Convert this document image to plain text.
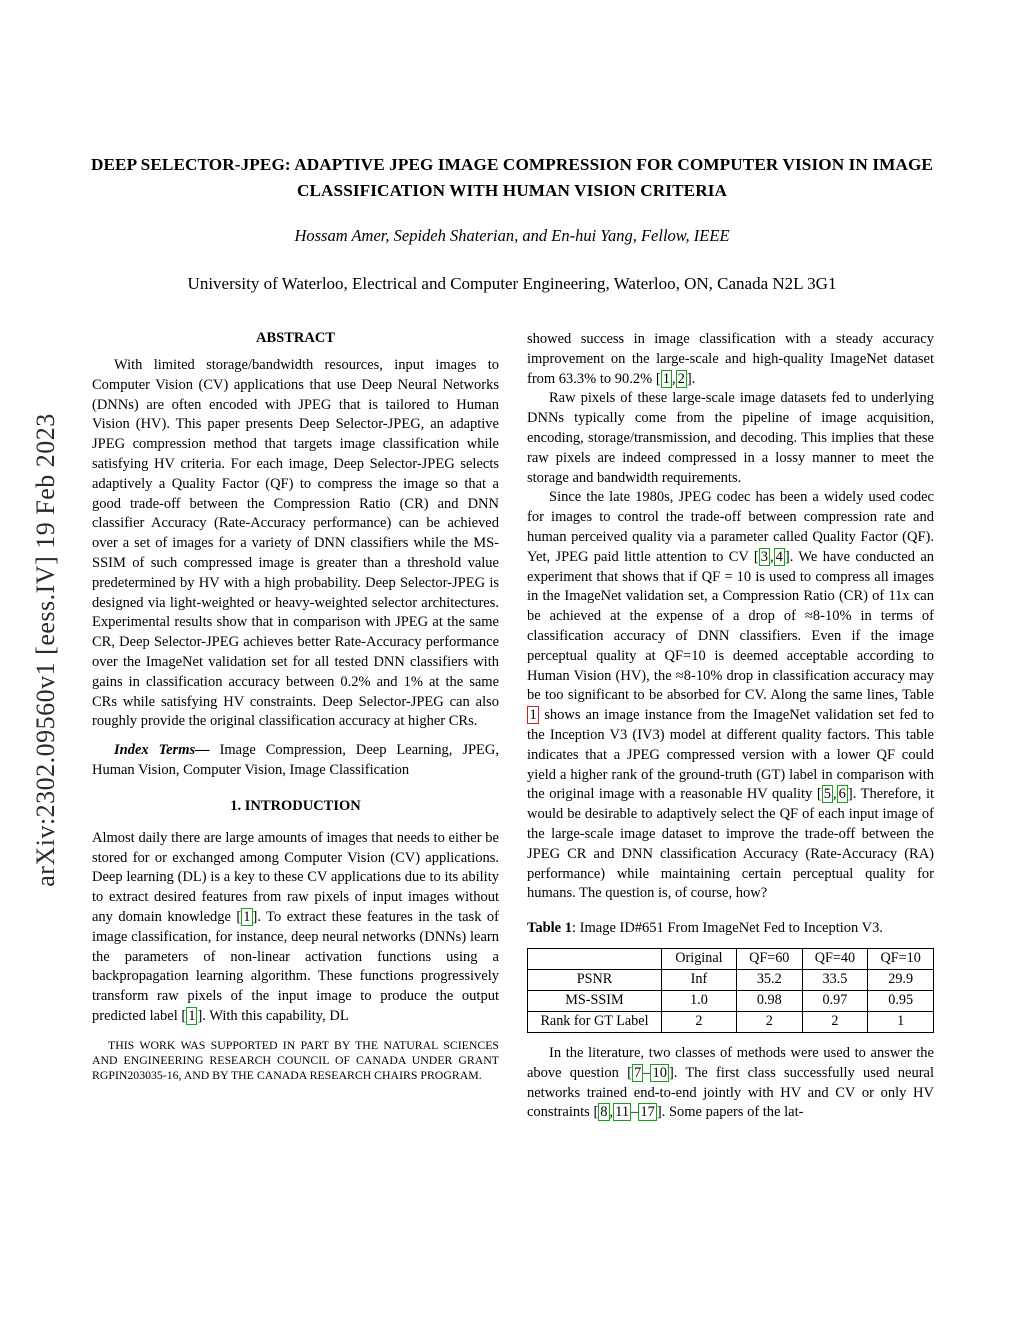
arXiv:2302.09560v1 [eess.IV] 19 Feb 2023
DEEP SELECTOR-JPEG: ADAPTIVE JPEG IMAGE COMPRESSION FOR COMPUTER VISION IN IMAGE CLASSIFICATION WITH HUMAN VISION CRITERIA
Hossam Amer, Sepideh Shaterian, and En-hui Yang, Fellow, IEEE
University of Waterloo, Electrical and Computer Engineering, Waterloo, ON, Canada N2L 3G1
ABSTRACT

With limited storage/bandwidth resources, input images to Computer Vision (CV) applications that use Deep Neural Networks (DNNs) are often encoded with JPEG that is tailored to Human Vision (HV). This paper presents Deep Selector-JPEG, an adaptive JPEG compression method that targets image classification while satisfying HV criteria. For each image, Deep Selector-JPEG selects adaptively a Quality Factor (QF) to compress the image so that a good trade-off between the Compression Ratio (CR) and DNN classifier Accuracy (Rate-Accuracy performance) can be achieved over a set of images for a variety of DNN classifiers while the MS-SSIM of such compressed image is greater than a threshold value predetermined by HV with a high probability. Deep Selector-JPEG is designed via light-weighted or heavy-weighted selector architectures. Experimental results show that in comparison with JPEG at the same CR, Deep Selector-JPEG achieves better Rate-Accuracy performance over the ImageNet validation set for all tested DNN classifiers with gains in classification accuracy between 0.2% and 1% at the same CRs while satisfying HV constraints. Deep Selector-JPEG can also roughly provide the original classification accuracy at higher CRs.

Index Terms— Image Compression, Deep Learning, JPEG, Human Vision, Computer Vision, Image Classification

1. INTRODUCTION

Almost daily there are large amounts of images that needs to either be stored for or exchanged among Computer Vision (CV) applications. Deep learning (DL) is a key to these CV applications due to its ability to extract desired features from raw pixels of input images without any domain knowledge [ 1 ]. To extract these features in the task of image classification, for instance, deep neural networks (DNNs) learn the parameters of non-linear activation functions using a backpropagation learning algorithm. These functions progressively transform raw pixels of the input image to produce the output predicted label [ 1 ]. With this capability, DL

THIS WORK WAS SUPPORTED IN PART BY THE NATURAL SCIENCES AND ENGINEERING RESEARCH COUNCIL OF CANADA UNDER GRANT RGPIN203035-16, AND BY THE CANADA RESEARCH CHAIRS PROGRAM.

showed success in image classification with a steady accuracy improvement on the large-scale and high-quality ImageNet dataset from 63.3% to 90.2% [ 1 , 2 ].

Raw pixels of these large-scale image datasets fed to underlying DNNs typically come from the pipeline of image acquisition, encoding, storage/transmission, and decoding. This implies that these raw pixels are indeed compressed in a lossy manner to meet the storage and bandwidth requirements.

Since the late 1980s, JPEG codec has been a widely used codec for images to control the trade-off between compression rate and human perceived quality via a parameter called Quality Factor (QF). Yet, JPEG paid little attention to CV [ 3 , 4 ]. We have conducted an experiment that shows that if QF = 10 is used to compress all images in the ImageNet validation set, a Compression Ratio (CR) of 11x can be achieved at the expense of a drop of ≈8-10% in terms of classification accuracy of DNN classifiers. Even if the image perceptual quality at QF=10 is deemed acceptable according to Human Vision (HV), the ≈8-10% drop in classification accuracy may be too significant to be absorbed for CV. Along the same lines, Table 1 shows an image instance from the ImageNet validation set fed to the Inception V3 (IV3) model at different quality factors. This table indicates that a JPEG compressed version with a lower QF could yield a higher rank of the ground-truth (GT) label in comparison with the original image with a reasonable HV quality [ 5 , 6 ]. Therefore, it would be desirable to adaptively select the QF of each input image of the large-scale image dataset to improve the trade-off between the JPEG CR and DNN classification Accuracy (Rate-Accuracy (RA) performance) while maintaining certain perceptual quality for humans. The question is, of course, how?

Table 1: Image ID#651 From ImageNet Fed to Inception V3.
	Original	QF=60	QF=40	QF=10
PSNR	Inf	35.2	33.5	29.9
MS-SSIM	1.0	0.98	0.97	0.95
Rank for GT Label	2	2	2	1

In the literature, two classes of methods were used to answer the above question [ 7 – 10 ]. The first class successfully used neural networks trained end-to-end jointly with HV and CV or only HV constraints [ 8 , 11 – 17 ]. Some papers of the lat-
